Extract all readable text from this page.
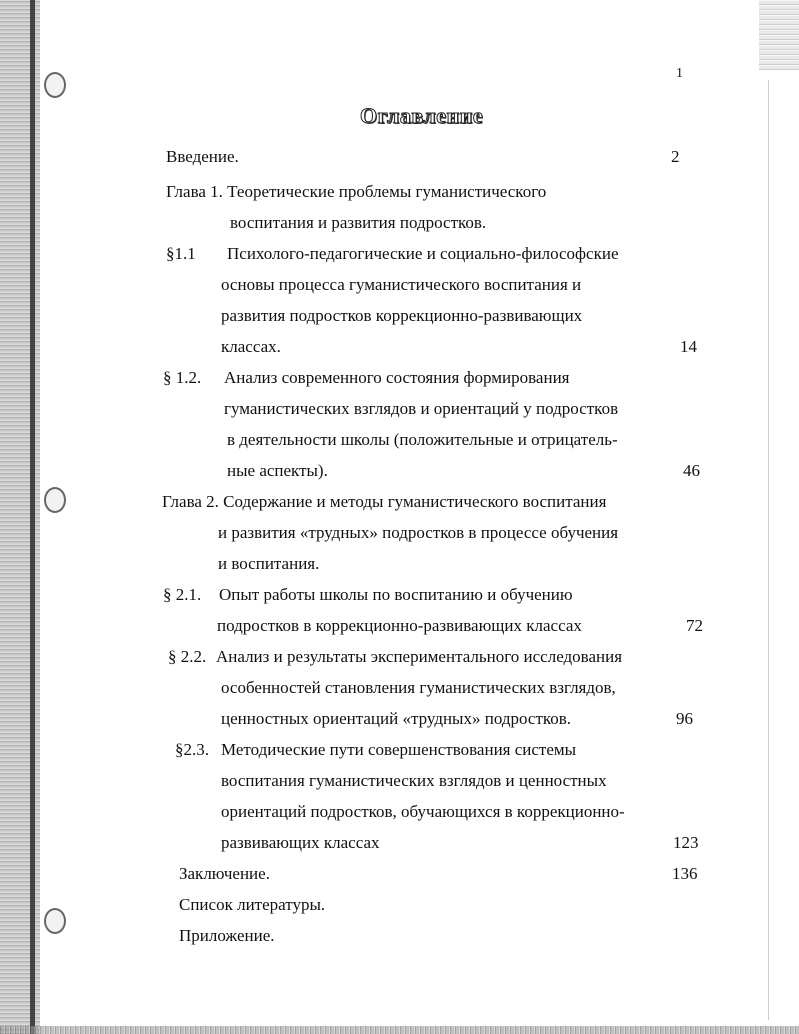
1
Оглавление
Введение.	2
Глава 1. Теоретические проблемы гуманистического
воспитания и развития подростков.
§1.1 Психолого-педагогические и социально-философские
основы процесса гуманистического воспитания и
развития подростков коррекционно-развивающих
классах.	14
§ 1.2. Анализ современного состояния формирования
гуманистических взглядов и ориентаций у подростков
в деятельности школы (положительные и отрицатель-
ные аспекты).	46
Глава 2. Содержание и методы гуманистического воспитания
и развития «трудных» подростков в процессе обучения
и воспитания.
§ 2.1. Опыт работы школы по воспитанию и обучению
подростков в коррекционно-развивающих классах	72
§ 2.2. Анализ и результаты экспериментального исследования
особенностей становления гуманистических взглядов,
ценностных ориентаций «трудных» подростков.	96
§2.3. Методические пути совершенствования системы
воспитания гуманистических взглядов и ценностных
ориентаций подростков, обучающихся в коррекционно-
развивающих классах	123
Заключение.	136
Список литературы.
Приложение.
